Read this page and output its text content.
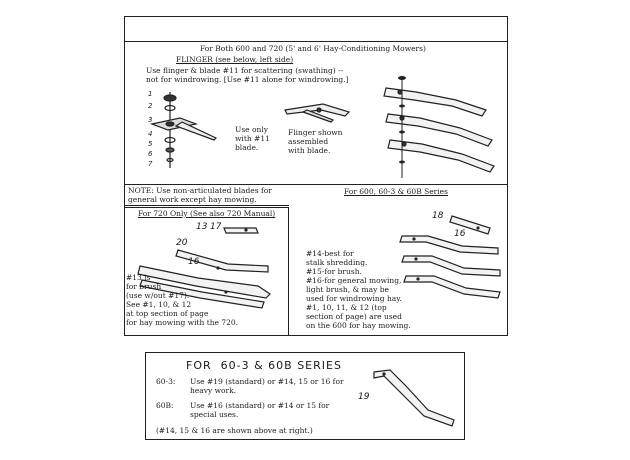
For Both 600 and 720 (5' and 6' Hay-Conditioning Mowers)
FLINGER (see below, left side)
Use flinger & blade #11 for scattering (swathing) --
not for windrowing. [Use #11 alone for windrowing.]
1
2
3
4
5
6
7
Use only
with #11
blade.
Flinger shown
assembled
with blade.
NOTE: Use non-articulated blades for
general work except hay mowing.
For 720 Only (See also 720 Manual)
13 17
20
16
#13 is
for brush
(use w/out #17).
See #1, 10, & 12
at top section of page
for hay mowing with the 720.
For 600, 60-3 & 60B Series
18
16
#14-best for
stalk shredding.
#15-for brush.
#16-for general mowing,
light brush, & may be
used for windrowing hay.
#1, 10, 11, & 12 (top
section of page) are used
on the 600 for hay mowing.
FOR  60-3 & 60B SERIES
60-3: Use #19 (standard) or #14, 15 or 16 for
heavy work.
60B: Use #16 (standard) or #14 or 15 for
special uses.
(#14, 15 & 16 are shown above at right.)
19
